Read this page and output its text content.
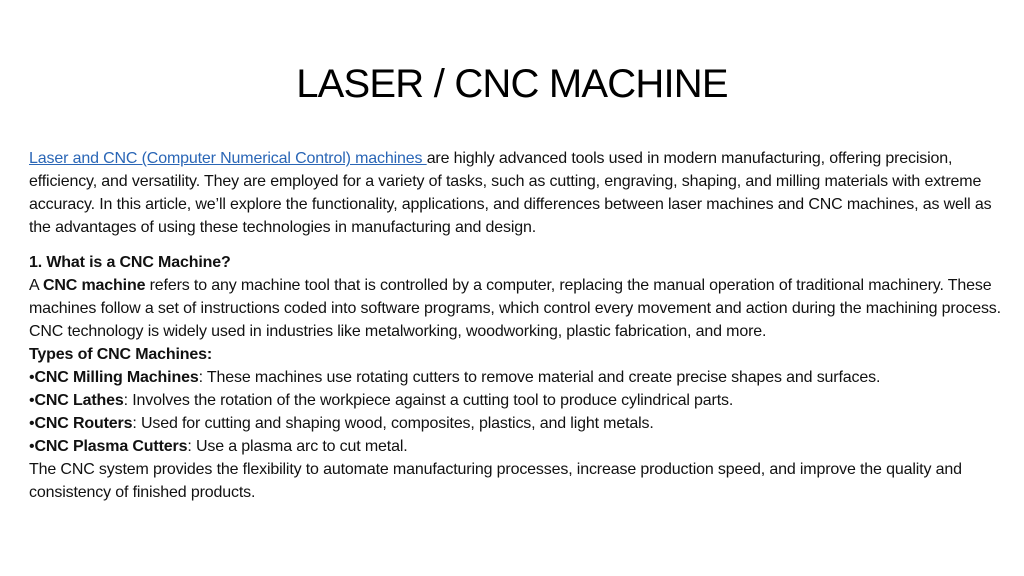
LASER / CNC MACHINE

Laser and CNC (Computer Numerical Control) machines are highly advanced tools used in modern manufacturing, offering precision, efficiency, and versatility. They are employed for a variety of tasks, such as cutting, engraving, shaping, and milling materials with extreme accuracy. In this article, we’ll explore the functionality, applications, and differences between laser machines and CNC machines, as well as the advantages of using these technologies in manufacturing and design.

1. What is a CNC Machine?

A CNC machine refers to any machine tool that is controlled by a computer, replacing the manual operation of traditional machinery. These machines follow a set of instructions coded into software programs, which control every movement and action during the machining process. CNC technology is widely used in industries like metalworking, woodworking, plastic fabrication, and more.

Types of CNC Machines:

•CNC Milling Machines: These machines use rotating cutters to remove material and create precise shapes and surfaces.

•CNC Lathes: Involves the rotation of the workpiece against a cutting tool to produce cylindrical parts.

•CNC Routers: Used for cutting and shaping wood, composites, plastics, and light metals.

•CNC Plasma Cutters: Use a plasma arc to cut metal.

The CNC system provides the flexibility to automate manufacturing processes, increase production speed, and improve the quality and consistency of finished products.
